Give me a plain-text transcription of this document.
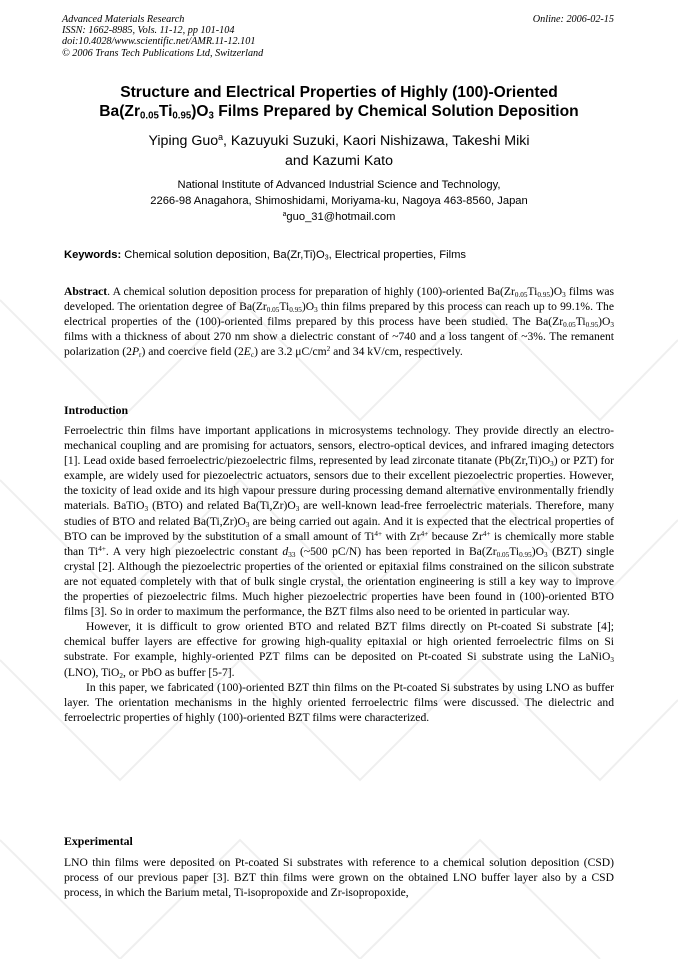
Advanced Materials Research
ISSN: 1662-8985, Vols. 11-12, pp 101-104
doi:10.4028/www.scientific.net/AMR.11-12.101
© 2006 Trans Tech Publications Ltd, Switzerland
Online: 2006-02-15
Structure and Electrical Properties of Highly (100)-Oriented
$Ba(Zr_{0.05}Ti_{0.95})O_3$ Films Prepared by Chemical Solution Deposition
Yiping Guo$^a$, Kazuyuki Suzuki, Kaori Nishizawa, Takeshi Miki
and Kazumi Kato
National Institute of Advanced Industrial Science and Technology,
2266-98 Anagahora, Shimoshidami, Moriyama-ku, Nagoya 463-8560, Japan
$^a$guo_31@hotmail.com
Keywords: Chemical solution deposition, $Ba(Zr,Ti)O_3$, Electrical properties, Films

Abstract. A chemical solution deposition process for preparation of highly (100)-oriented $Ba(Zr_{0.05}Ti_{0.95})O_3$ films was developed. The orientation degree of $Ba(Zr_{0.05}Ti_{0.95})O_3$ thin films prepared by this process can reach up to 99.1%. The electrical properties of the (100)-oriented films prepared by this process have been studied. The $Ba(Zr_{0.05}Ti_{0.95})O_3$ films with a thickness of about 270 nm show a dielectric constant of ~740 and a loss tangent of ~3%. The remanent polarization $(2P_r)$ and coercive field $(2E_c)$ are 3.2 $\mu C/cm^2$ and 34 kV/cm, respectively.

Introduction

Ferroelectric thin films have important applications in microsystems technology. They provide directly an electro-mechanical coupling and are promising for actuators, sensors, electro-optical devices, and infrared imaging detectors [1]. Lead oxide based ferroelectric/piezoelectric films, represented by lead zirconate titanate $(Pb(Zr,Ti)O_3)$ or PZT) for example, are widely used for piezoelectric actuators, sensors due to their excellent piezoelectric properties. However, the toxicity of lead oxide and its high vapour pressure during processing demand alternative environmentally friendly materials. BaTiO$_3$ (BTO) and related $Ba(Ti,Zr)O_3$ are well-known lead-free ferroelectric materials. Therefore, many studies of BTO and related $Ba(Ti,Zr)O_3$ are being carried out again. And it is expected that the electrical properties of BTO can be improved by the substitution of a small amount of $Ti^{4+}$ with $Zr^{4+}$ because $Zr^{4+}$ is chemically more stable than $Ti^{4+}$. A very high piezoelectric constant $d_{33}$ (~500 pC/N) has been reported in $Ba(Zr_{0.05}Ti_{0.95})O_3$ (BZT) single crystal [2]. Although the piezoelectric properties of the oriented or epitaxial films constrained on the silicon substrate are not equated completely with that of bulk single crystal, the orientation engineering is still a key way to improve the properties of piezoelectric films. Much higher piezoelectric properties have been found in (100)-oriented BTO films [3]. So in order to maximum the performance, the BZT films also need to be oriented in particular way.

However, it is difficult to grow oriented BTO and related BZT films directly on Pt-coated Si substrate [4]; chemical buffer layers are effective for growing high-quality epitaxial or high oriented ferroelectric films on Si substrate. For example, highly-oriented PZT films can be deposited on Pt-coated Si substrate using the LaNiO$_3$ (LNO), TiO$_2$, or PbO as buffer [5-7].

In this paper, we fabricated (100)-oriented BZT thin films on the Pt-coated Si substrates by using LNO as buffer layer. The orientation mechanisms in the highly oriented ferroelectric films were discussed. The dielectric and ferroelectric properties of highly (100)-oriented BZT films were characterized.

Experimental

LNO thin films were deposited on Pt-coated Si substrates with reference to a chemical solution deposition (CSD) process of our previous paper [3]. BZT thin films were grown on the obtained LNO buffer layer also by a CSD process, in which the Barium metal, Ti-isopropoxide and Zr-isopropoxide,
